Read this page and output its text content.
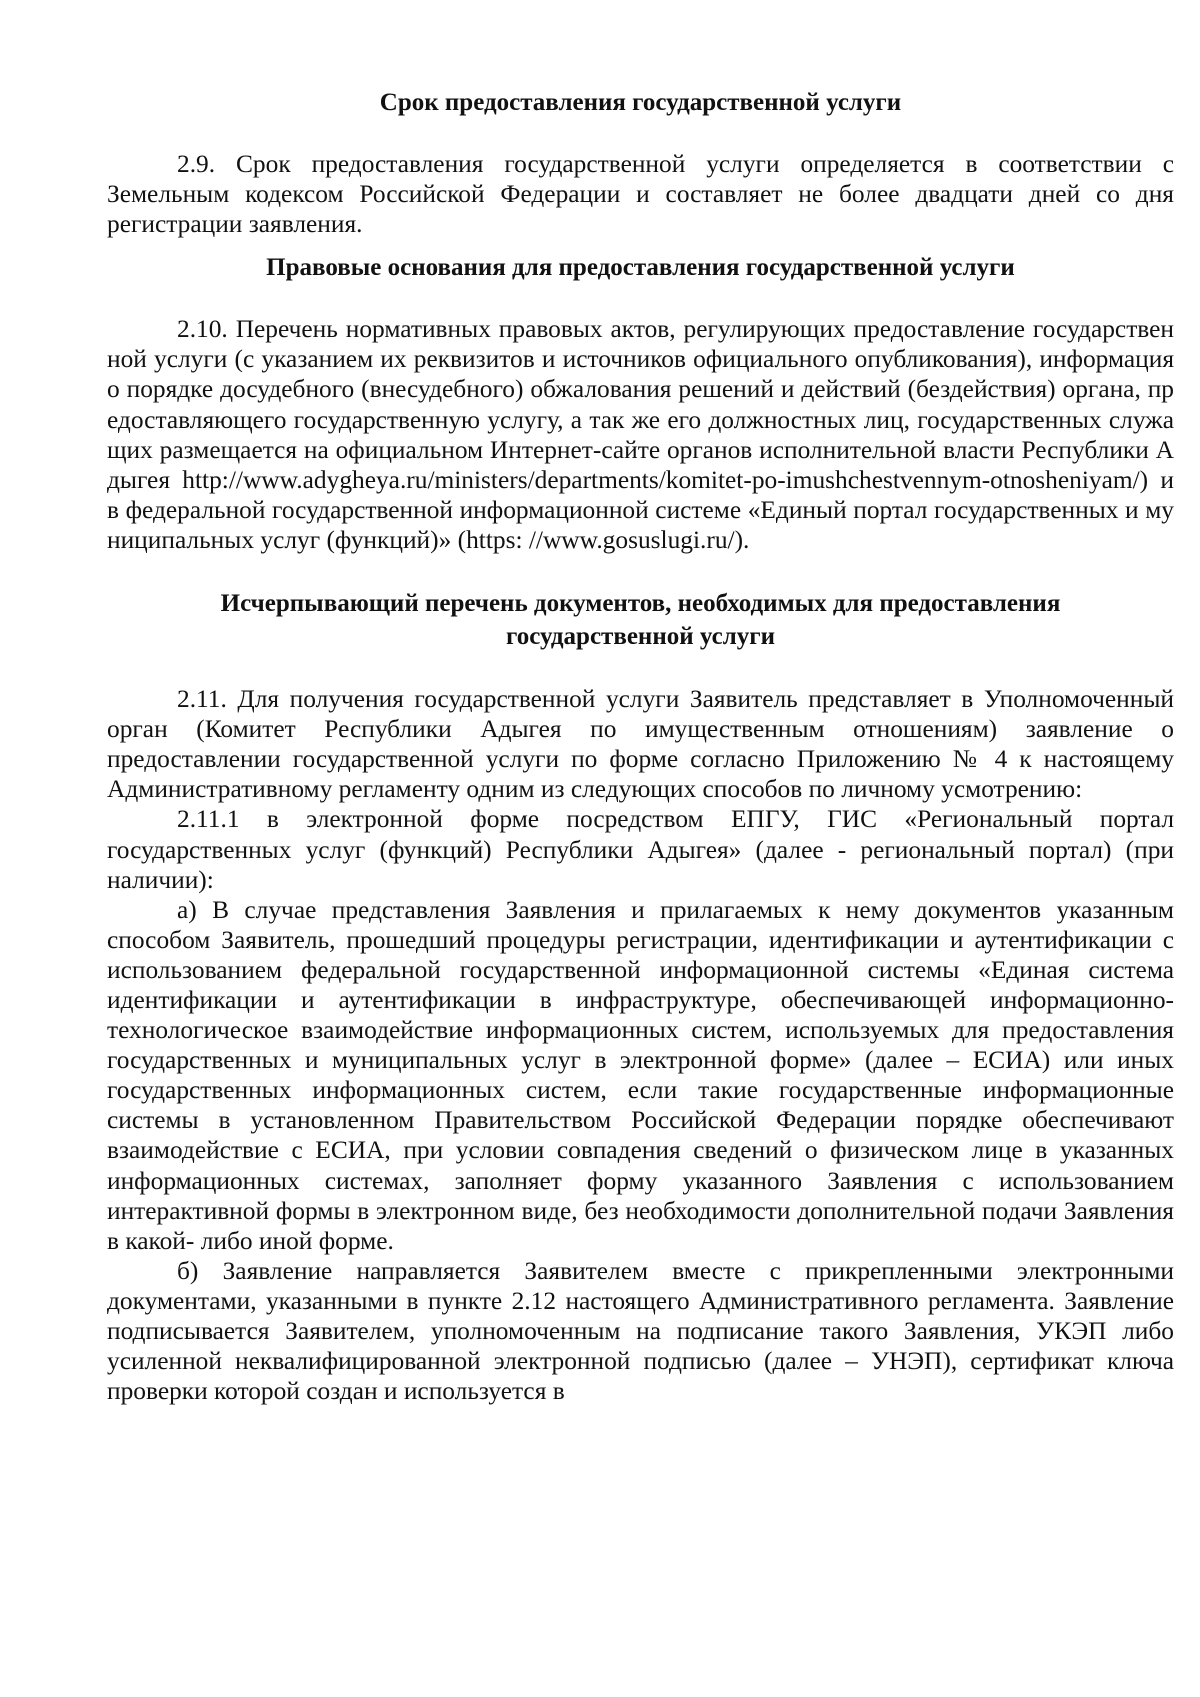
Срок предоставления государственной услуги

2.9. Срок предоставления государственной услуги определяется в соответствии с Земельным кодексом Российской Федерации и составляет не более двадцати дней со дня регистрации заявления.

Правовые основания для предоставления государственной услуги

2.10. Перечень нормативных правовых актов, регулирующих предоставление государственной услуги (с указанием их реквизитов и источников официального опубликования), информация о порядке досудебного (внесудебного) обжалования решений и действий (бездействия) органа, предоставляющего государственную услугу, а так же его должностных лиц, государственных служащих размещается на официальном Интернет-сайте органов исполнительной власти Республики Адыгея http://www.adygheya.ru/ministers/departments/komitet-po-imushchestvennym-otnosheniyam/) и в федеральной государственной информационной системе «Единый портал государственных и муниципальных услуг (функций)» (https: //www.gosuslugi.ru/).

Исчерпывающий перечень документов, необходимых для предоставления
государственной услуги

2.11. Для получения государственной услуги Заявитель представляет в Уполномоченный орган (Комитет Республики Адыгея по имущественным отношениям) заявление о предоставлении государственной услуги по форме согласно Приложению № 4 к настоящему Административному регламенту одним из следующих способов по личному усмотрению:

2.11.1 в электронной форме посредством ЕПГУ, ГИС «Региональный портал государственных услуг (функций) Республики Адыгея» (далее - региональный портал) (при наличии):

а) В случае представления Заявления и прилагаемых к нему документов указанным способом Заявитель, прошедший процедуры регистрации, идентификации и аутентификации с использованием федеральной государственной информационной системы «Единая система идентификации и аутентификации в инфраструктуре, обеспечивающей информационно-технологическое взаимодействие информационных систем, используемых для предоставления государственных и муниципальных услуг в электронной форме» (далее – ЕСИА) или иных государственных информационных систем, если такие государственные информационные системы в установленном Правительством Российской Федерации порядке обеспечивают взаимодействие с ЕСИА, при условии совпадения сведений о физическом лице в указанных информационных системах, заполняет форму указанного Заявления с использованием интерактивной формы в электронном виде, без необходимости дополнительной подачи Заявления в какой- либо иной форме.

б) Заявление направляется Заявителем вместе с прикрепленными электронными документами, указанными в пункте 2.12 настоящего Административного регламента. Заявление подписывается Заявителем, уполномоченным на подписание такого Заявления, УКЭП либо усиленной неквалифицированной электронной подписью (далее – УНЭП), сертификат ключа проверки которой создан и используется в
